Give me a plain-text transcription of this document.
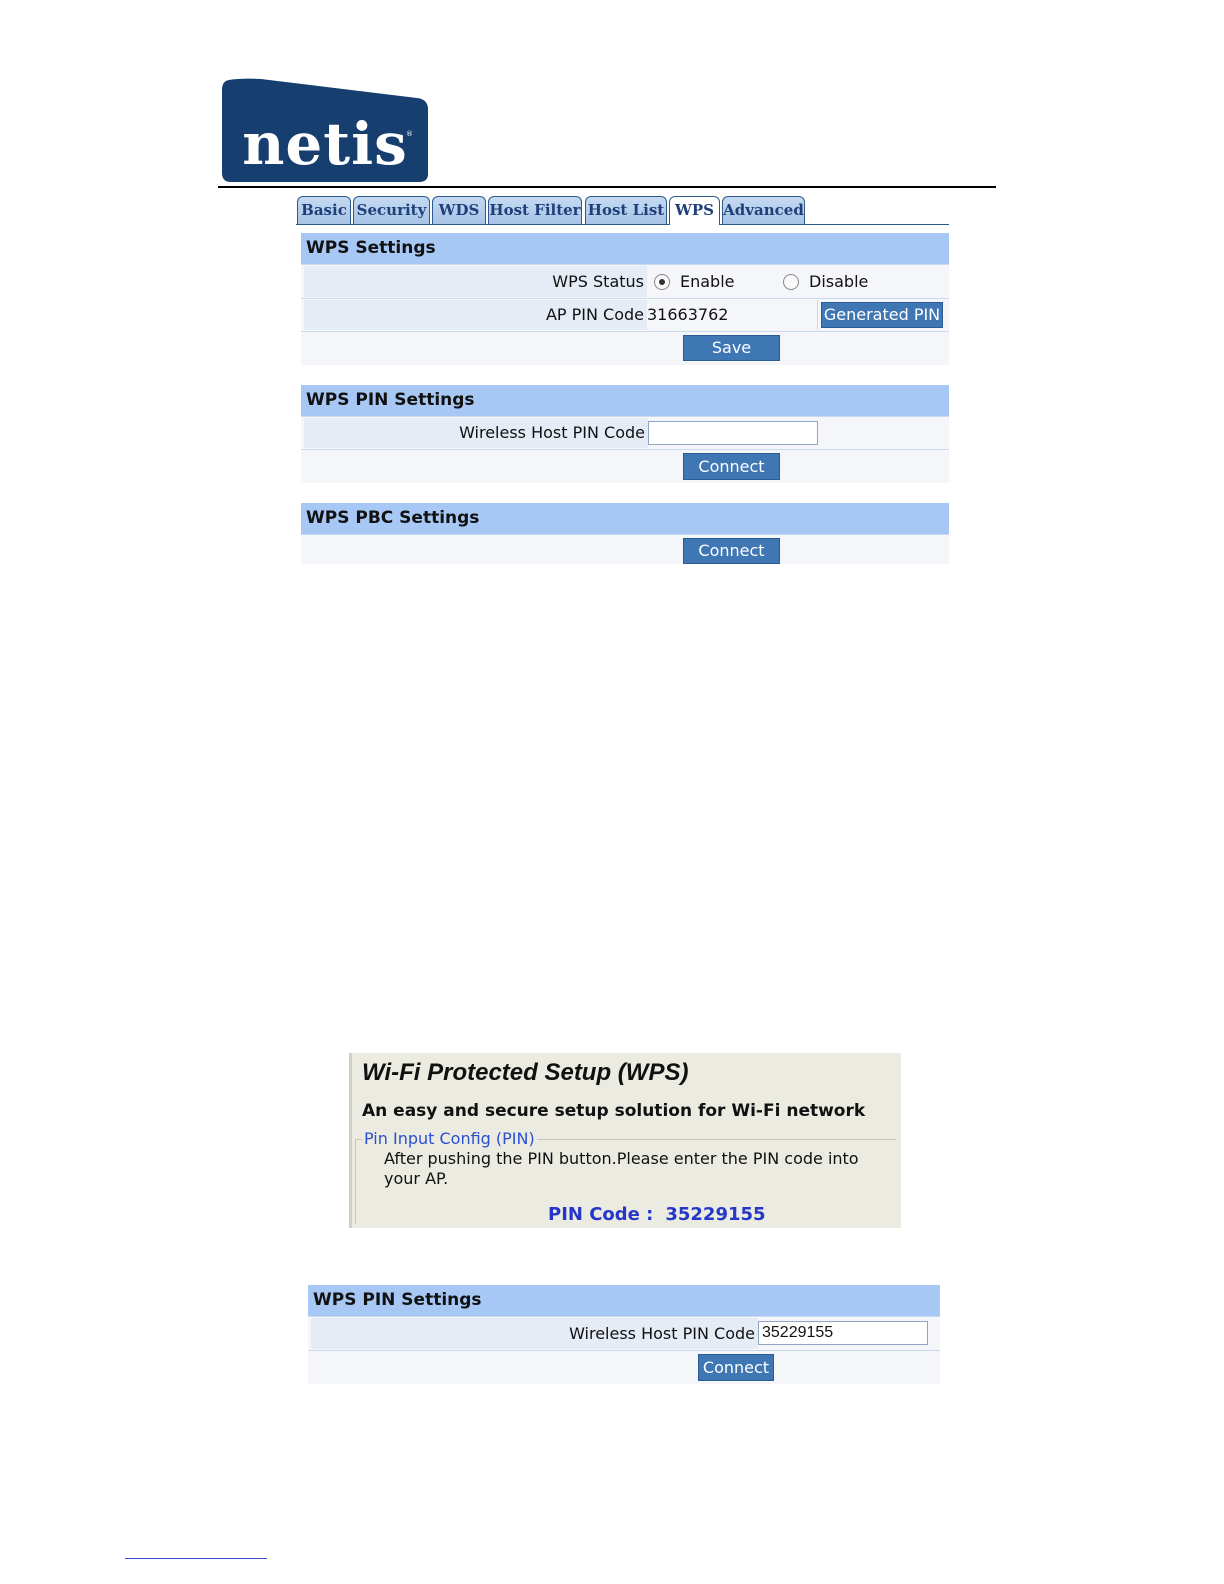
netis
®
Basic Security WDS Host Filter Host List WPS Advanced
WPS Settings
WPS Status Enable	Disable
AP PIN Code 31663762	Generated PIN
Save
WPS PIN Settings
Wireless Host PIN Code
Connect
WPS PBC Settings
Connect
Wi-Fi Protected Setup (WPS)
An easy and secure setup solution for Wi-Fi network
Pin Input Config (PIN)
After pushing the PIN button.Please enter the PIN code into your AP.
PIN Code : 35229155
WPS PIN Settings
Wireless Host PIN Code
35229155
Connect
